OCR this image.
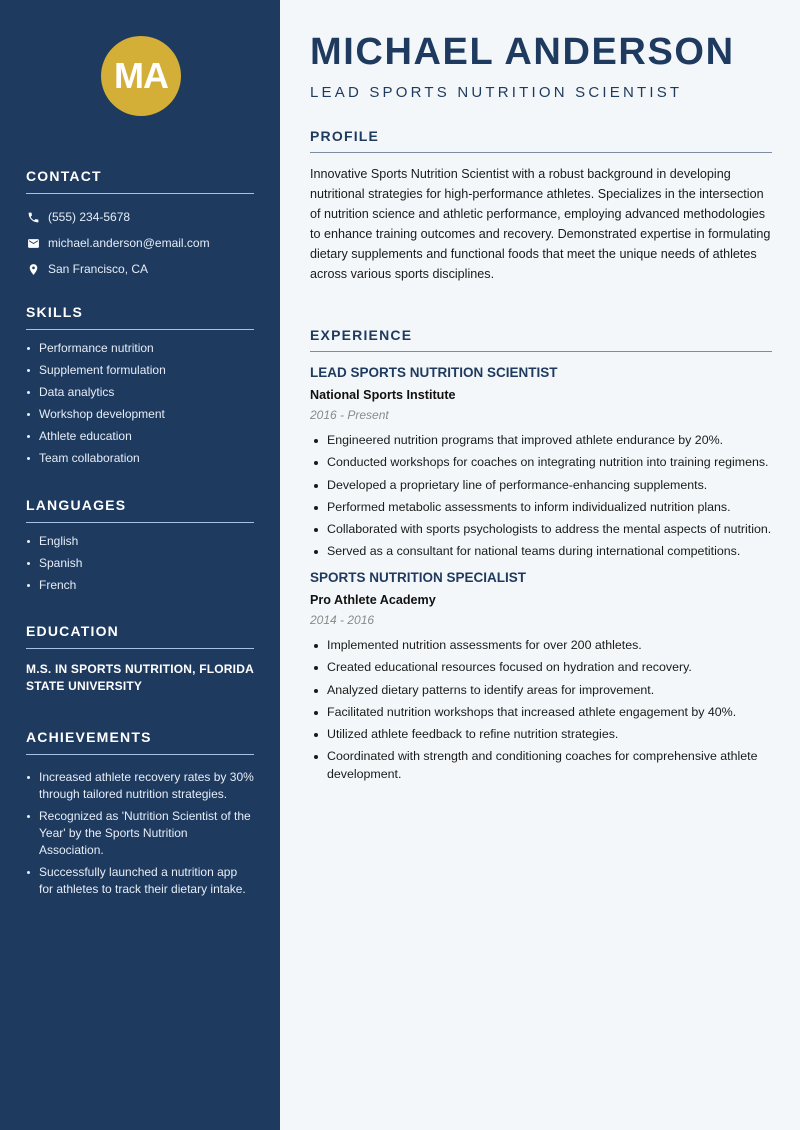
MA
CONTACT
(555) 234-5678
michael.anderson@email.com
San Francisco, CA
SKILLS
Performance nutrition
Supplement formulation
Data analytics
Workshop development
Athlete education
Team collaboration
LANGUAGES
English
Spanish
French
EDUCATION
M.S. IN SPORTS NUTRITION, FLORIDA STATE UNIVERSITY
ACHIEVEMENTS
Increased athlete recovery rates by 30% through tailored nutrition strategies.
Recognized as 'Nutrition Scientist of the Year' by the Sports Nutrition Association.
Successfully launched a nutrition app for athletes to track their dietary intake.
MICHAEL ANDERSON
LEAD SPORTS NUTRITION SCIENTIST
PROFILE

Innovative Sports Nutrition Scientist with a robust background in developing nutritional strategies for high-performance athletes. Specializes in the intersection of nutrition science and athletic performance, employing advanced methodologies to enhance training outcomes and recovery. Demonstrated expertise in formulating dietary supplements and functional foods that meet the unique needs of athletes across various sports disciplines.

EXPERIENCE
LEAD SPORTS NUTRITION SCIENTIST
National Sports Institute
2016 - Present
Engineered nutrition programs that improved athlete endurance by 20%.
Conducted workshops for coaches on integrating nutrition into training regimens.
Developed a proprietary line of performance-enhancing supplements.
Performed metabolic assessments to inform individualized nutrition plans.
Collaborated with sports psychologists to address the mental aspects of nutrition.
Served as a consultant for national teams during international competitions.
SPORTS NUTRITION SPECIALIST
Pro Athlete Academy
2014 - 2016
Implemented nutrition assessments for over 200 athletes.
Created educational resources focused on hydration and recovery.
Analyzed dietary patterns to identify areas for improvement.
Facilitated nutrition workshops that increased athlete engagement by 40%.
Utilized athlete feedback to refine nutrition strategies.
Coordinated with strength and conditioning coaches for comprehensive athlete development.
